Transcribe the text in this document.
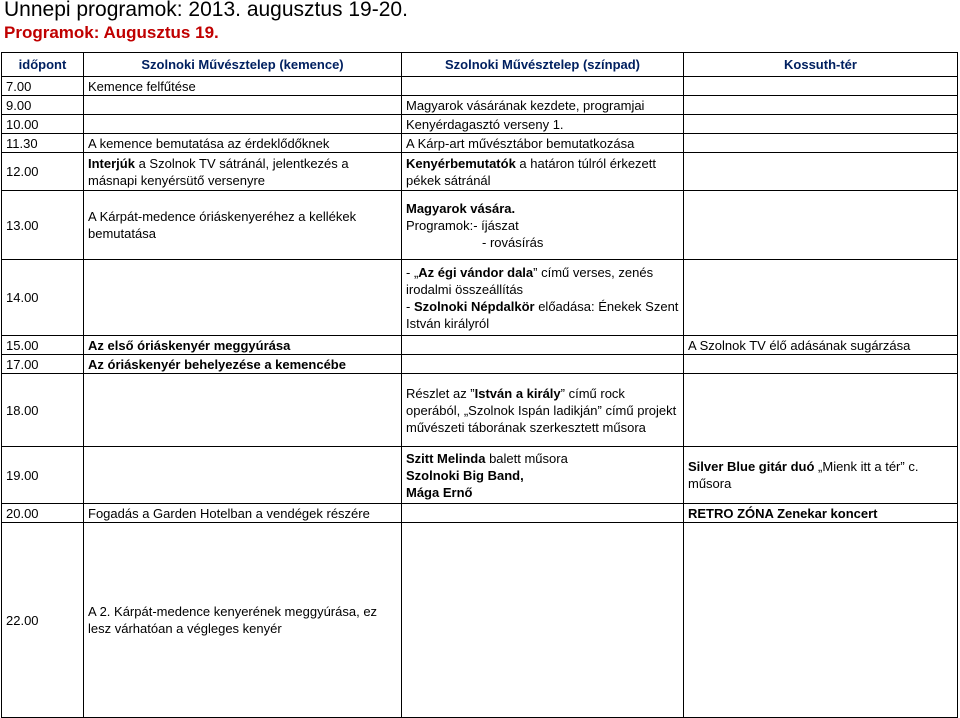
Ünnepi programok: 2013. augusztus 19-20.
Programok: Augusztus 19.
időpont	Szolnoki Művésztelep (kemence)	Szolnoki Művésztelep (színpad)	Kossuth-tér
7.00	Kemence felfűtése		
9.00		Magyarok vásárának kezdete, programjai	
10.00		Kenyérdagasztó verseny 1.	
11.30	A kemence bemutatása az érdeklődőknek	A Kárp-art művésztábor bemutatkozása	
12.00	Interjúk a Szolnok TV sátránál, jelentkezés a másnapi kenyérsütő versenyre	Kenyérbemutatók a határon túlról érkezett pékek sátránál	
13.00	A Kárpát-medence óriáskenyeréhez a kellékek bemutatása	Magyarok vására.
Programok:- íjászat
- rovásírás	

14.00		- „Az égi vándor dala” című verses, zenés irodalmi összeállítás
- Szolnoki Népdalkör előadása: Énekek Szent István királyról	
15.00	Az első óriáskenyér meggyúrása		A Szolnok TV élő adásának sugárzása
17.00	Az óriáskenyér behelyezése a kemencébe		
18.00		Részlet az ”István a király” című rock operából, „Szolnok Ispán ladikján” című projekt művészeti táborának szerkesztett műsora	
19.00		Szitt Melinda balett műsora
Szolnoki Big Band,
Mága Ernő	Silver Blue gitár duó „Mienk itt a tér” c. műsora
20.00	Fogadás a Garden Hotelban a vendégek részére		RETRO ZÓNA Zenekar koncert
22.00	A 2. Kárpát-medence kenyerének meggyúrása, ez lesz várhatóan a végleges kenyér		
